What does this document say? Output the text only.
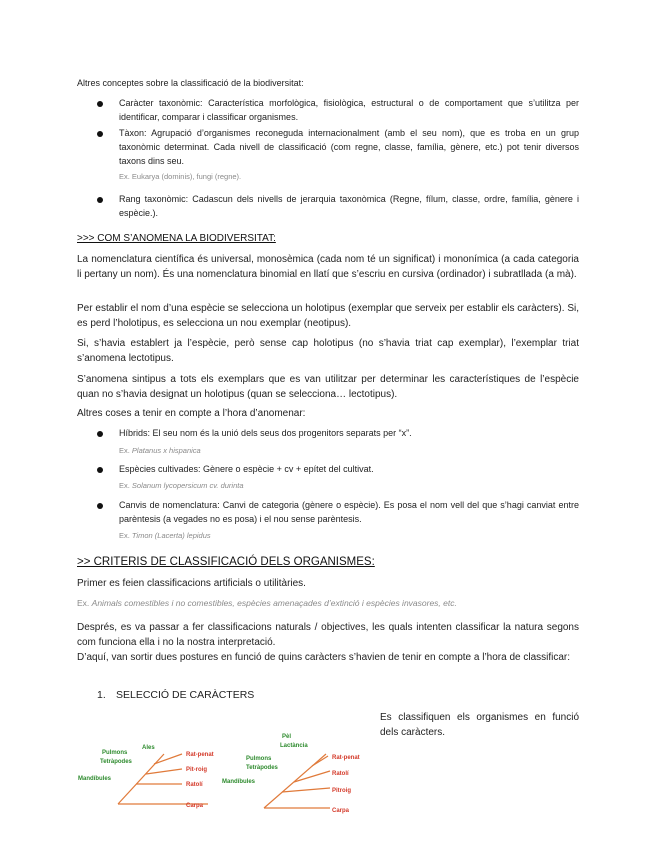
Altres conceptes sobre la classificació de la biodiversitat:
Caràcter taxonòmic: Característica morfològica, fisiològica, estructural o de comportament que s’utilitza per identificar, comparar i classificar organismes.
Tàxon: Agrupació d’organismes reconeguda internacionalment (amb el seu nom), que es troba en un grup taxonòmic determinat. Cada nivell de classificació (com regne, classe, família, gènere, etc.) pot tenir diversos taxons dins seu.
Ex. Eukarya (dominis), fungi (regne).
Rang taxonòmic: Cadascun dels nivells de jerarquia taxonòmica (Regne, fílum, classe, ordre, família, gènere i espècie.).
>>> COM S’ANOMENA LA BIODIVERSITAT:
La nomenclatura científica és universal, monosèmica (cada nom té un significat) i mononímica (a cada categoria li pertany un nom). És una nomenclatura binomial en llatí que s’escriu en cursiva (ordinador) i subratllada (a mà).
Per establir el nom d’una espècie se selecciona un holotipus (exemplar que serveix per establir els caràcters). Si, es perd l’holotipus, es selecciona un nou exemplar (neotipus).
Si, s’havia establert ja l’espècie, però sense cap holotipus (no s’havia triat cap exemplar), l’exemplar triat s’anomena lectotipus.
S’anomena sintipus a tots els exemplars que es van utilitzar per determinar les característiques de l’espècie quan no s’havia designat un holotipus (quan se selecciona… lectotipus).
Altres coses a tenir en compte a l’hora d’anomenar:
Híbrids: El seu nom és la unió dels seus dos progenitors separats per “x”.
Ex. Platanus x hispanica
Espècies cultivades: Gènere o espècie + cv + epítet del cultivat.
Ex. Solanum lycopersicum cv. durinta
Canvis de nomenclatura: Canvi de categoria (gènere o espècie). Es posa el nom vell del que s’hagi canviat entre parèntesis (a vegades no es posa) i el nou sense parèntesis.
Ex. Timon (Lacerta) lepidus
>> CRITERIS DE CLASSIFICACIÓ DELS ORGANISMES:
Primer es feien classificacions artificials o utilitàries.
Ex. Animals comestibles i no comestibles, espècies amenaçades d’extinció i espècies invasores, etc.
Després, es va passar a fer classificacions naturals / objectives, les quals intenten classificar la natura segons com funciona ella i no la nostra interpretació.
D’aquí, van sortir dues postures en funció de quins caràcters s’havien de tenir en compte a l’hora de classificar:
1. SELECCIÓ DE CARÀCTERS
Es classifiquen els organismes en funció dels caràcters.
Pulmons
Tetràpodes
Mandíbules
Ales
Rat-penat
Pit-roig
Ratolí
Carpa
Pèl
Lactància
Pulmons
Tetràpodes
Mandíbules
Rat-penat
Ratolí
Pitroig
Carpa
